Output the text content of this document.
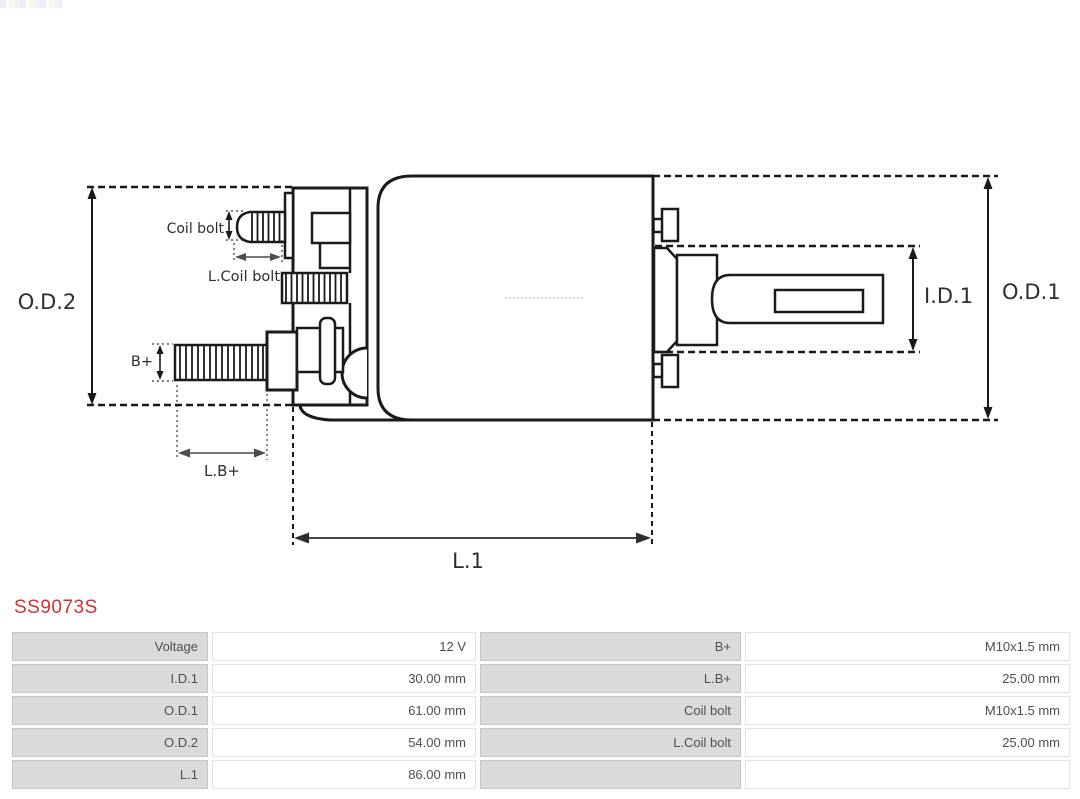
O.D.2	O.D.1
I.D.1
Coil bolt
L.Coil bolt
B+
L.B+
L.1
SS9073S
Voltage	12 V	B+	M10x1.5 mm
I.D.1	30.00 mm	L.B+	25.00 mm
O.D.1	61.00 mm	Coil bolt	M10x1.5 mm
O.D.2	54.00 mm	L.Coil bolt	25.00 mm
L.1	86.00 mm		
